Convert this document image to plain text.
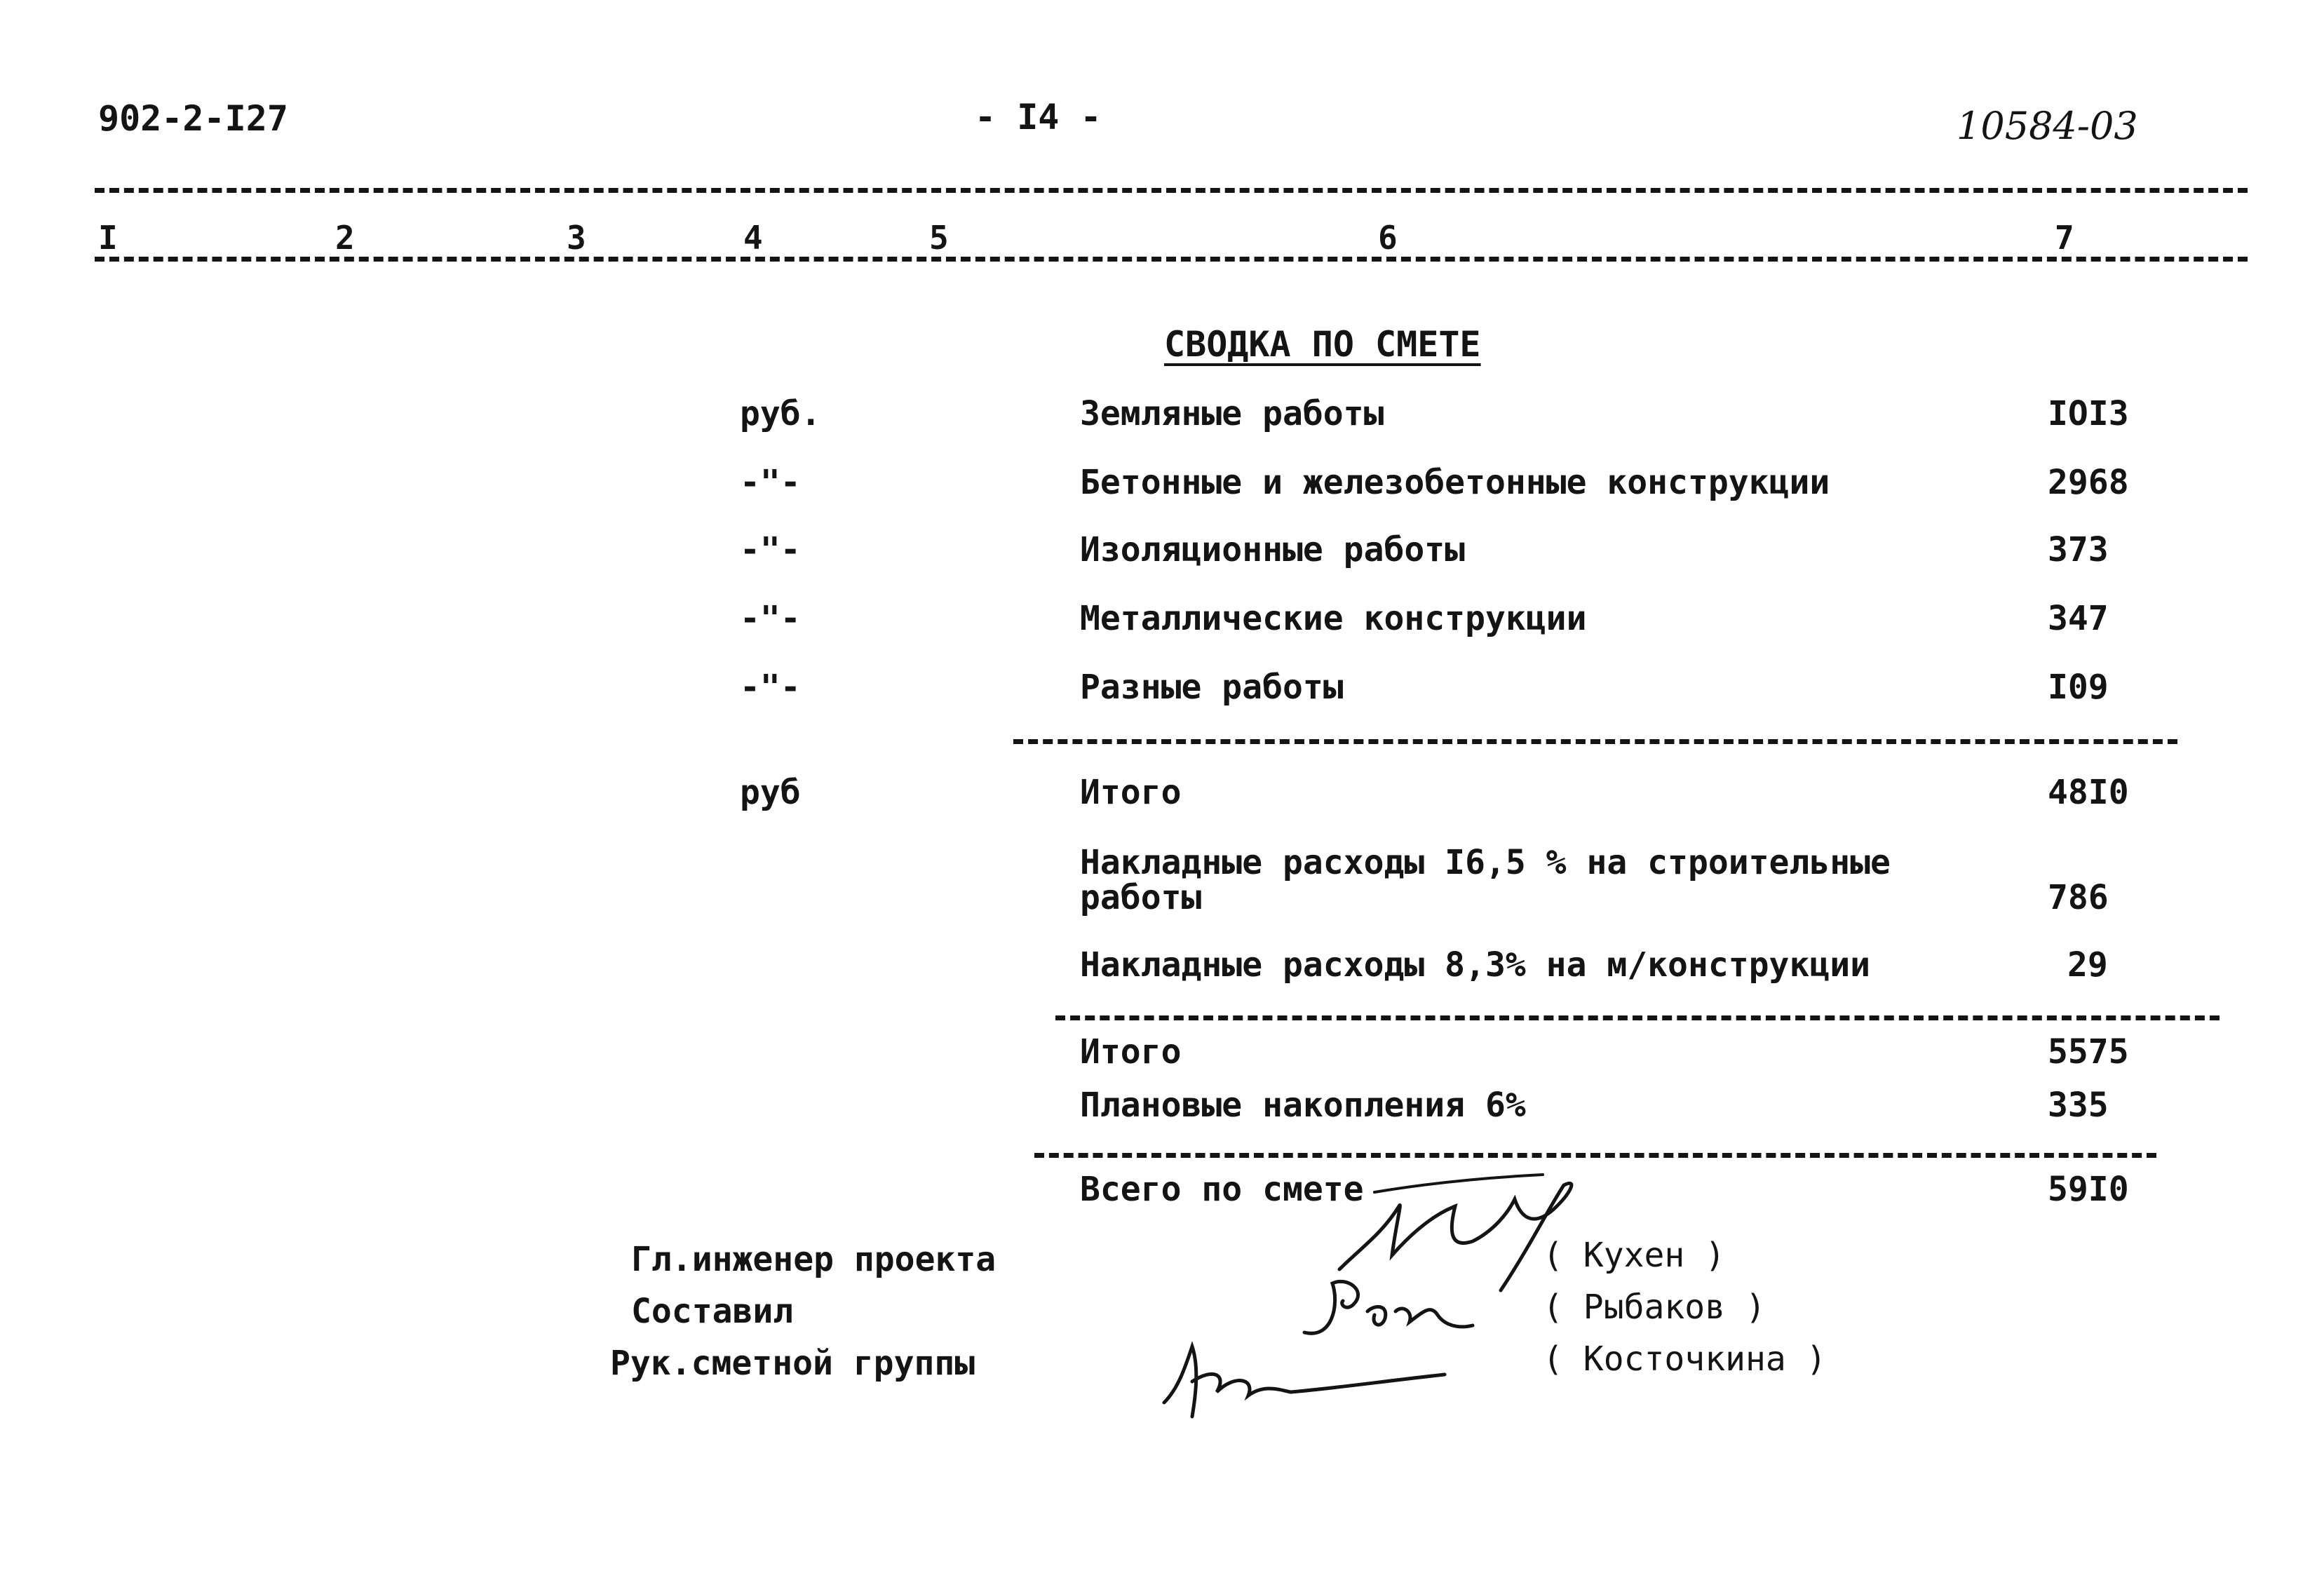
902-2-I27	- I4 -	10584-03
I	2	3	4	5	6	7
СВОДКА ПО СМЕТЕ
руб.	Земляные работы	IOI3
-"-	Бетонные и железобетонные конструкции	2968
-"-	Изоляционные работы	373
-"-	Металлические конструкции	347
-"-	Разные работы	I09
руб	Итого	48I0
Накладные расходы I6,5 % на строительные
работы	786
Накладные расходы 8,3% на м/конструкции	29
Итого	5575
Плановые накопления 6%	335
Всего по смете	59I0
Гл.инженер проекта
Составил
Рук.сметной группы
( Кухен )
( Рыбаков )
( Косточкина )
